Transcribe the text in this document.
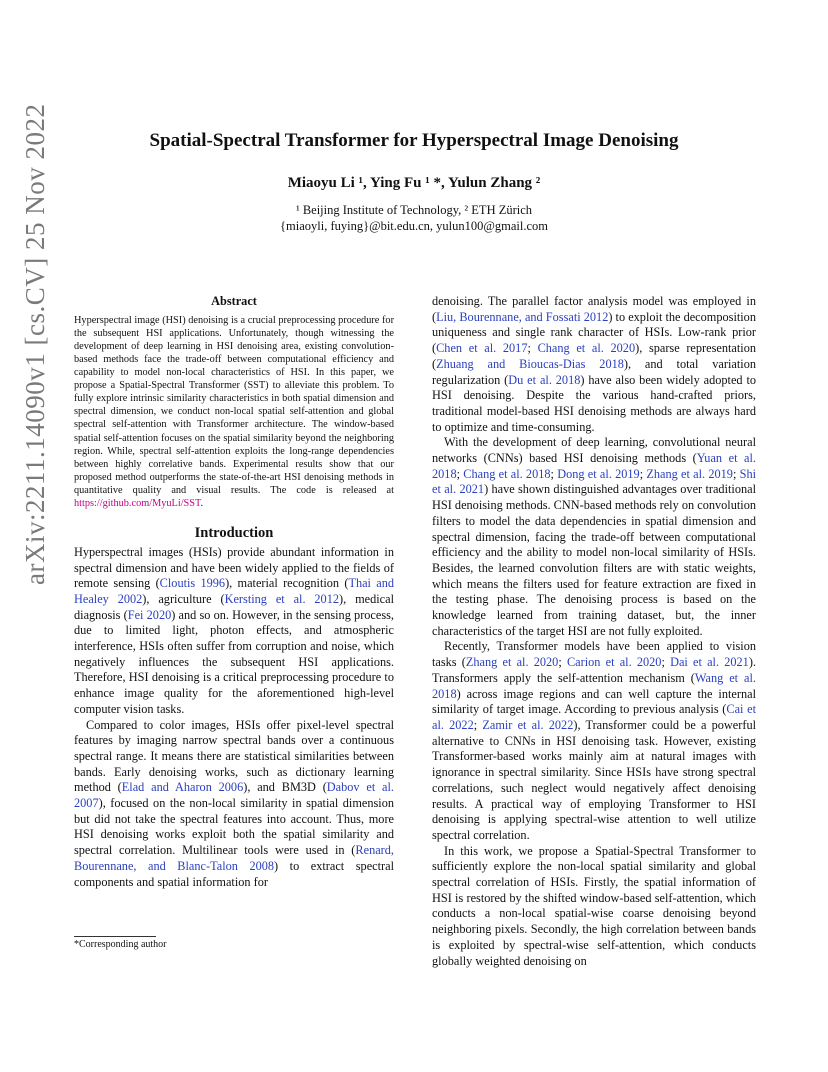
arXiv:2211.14090v1 [cs.CV] 25 Nov 2022	Spatial-Spectral Transformer for Hyperspectral Image Denoising
Miaoyu Li ¹, Ying Fu ¹ *, Yulun Zhang ²
¹ Beijing Institute of Technology, ² ETH Zürich
{miaoyli, fuying}@bit.edu.cn, yulun100@gmail.com
Abstract

Hyperspectral image (HSI) denoising is a crucial preprocessing procedure for the subsequent HSI applications. Unfortunately, though witnessing the development of deep learning in HSI denoising area, existing convolution-based methods face the trade-off between computational efficiency and capability to model non-local characteristics of HSI. In this paper, we propose a Spatial-Spectral Transformer (SST) to alleviate this problem. To fully explore intrinsic similarity characteristics in both spatial dimension and spectral dimension, we conduct non-local spatial self-attention and global spectral self-attention with Transformer architecture. The window-based spatial self-attention focuses on the spatial similarity beyond the neighboring region. While, spectral self-attention exploits the long-range dependencies between highly correlative bands. Experimental results show that our proposed method outperforms the state-of-the-art HSI denoising methods in quantitative quality and visual results. The code is released at https://github.com/MyuLi/SST.

Introduction

Hyperspectral images (HSIs) provide abundant information in spectral dimension and have been widely applied to the fields of remote sensing (Cloutis 1996), material recognition (Thai and Healey 2002), agriculture (Kersting et al. 2012), medical diagnosis (Fei 2020) and so on. However, in the sensing process, due to limited light, photon effects, and atmospheric interference, HSIs often suffer from corruption and noise, which negatively influences the subsequent HSI applications. Therefore, HSI denoising is a critical preprocessing procedure to enhance image quality for the aforementioned high-level computer vision tasks.

Compared to color images, HSIs offer pixel-level spectral features by imaging narrow spectral bands over a continuous spectral range. It means there are statistical similarities between bands. Early denoising works, such as dictionary learning method (Elad and Aharon 2006), and BM3D (Dabov et al. 2007), focused on the non-local similarity in spatial dimension but did not take the spectral features into account. Thus, more HSI denoising works exploit both the spatial similarity and spectral correlation. Multilinear tools were used in (Renard, Bourennane, and Blanc-Talon 2008) to extract spectral components and spatial information for

*Corresponding author

denoising. The parallel factor analysis model was employed in (Liu, Bourennane, and Fossati 2012) to exploit the decomposition uniqueness and single rank character of HSIs. Low-rank prior (Chen et al. 2017; Chang et al. 2020), sparse representation (Zhuang and Bioucas-Dias 2018), and total variation regularization (Du et al. 2018) have also been widely adopted to HSI denoising. Despite the various hand-crafted priors, traditional model-based HSI denoising methods are always hard to optimize and time-consuming.

With the development of deep learning, convolutional neural networks (CNNs) based HSI denoising methods (Yuan et al. 2018; Chang et al. 2018; Dong et al. 2019; Zhang et al. 2019; Shi et al. 2021) have shown distinguished advantages over traditional HSI denoising methods. CNN-based methods rely on convolution filters to model the data dependencies in spatial dimension and spectral dimension, facing the trade-off between computational efficiency and the ability to model non-local similarity of HSIs. Besides, the learned convolution filters are with static weights, which means the filters used for feature extraction are fixed in the testing phase. The denoising process is based on the knowledge learned from training dataset, but, the inner characteristics of the target HSI are not fully exploited.

Recently, Transformer models have been applied to vision tasks (Zhang et al. 2020; Carion et al. 2020; Dai et al. 2021). Transformers apply the self-attention mechanism (Wang et al. 2018) across image regions and can well capture the internal similarity of target image. According to previous analysis (Cai et al. 2022; Zamir et al. 2022), Transformer could be a powerful alternative to CNNs in HSI denoising task. However, existing Transformer-based works mainly aim at natural images with ignorance in spectral similarity. Since HSIs have strong spectral correlations, such neglect would negatively affect denoising results. A practical way of employing Transformer to HSI denoising is applying spectral-wise attention to well utilize spectral correlation.

In this work, we propose a Spatial-Spectral Transformer to sufficiently explore the non-local spatial similarity and global spectral correlation of HSIs. Firstly, the spatial information of HSI is restored by the shifted window-based self-attention, which conducts a non-local spatial-wise coarse denoising beyond neighboring pixels. Secondly, the high correlation between bands is exploited by spectral-wise self-attention, which conducts globally weighted denoising on
